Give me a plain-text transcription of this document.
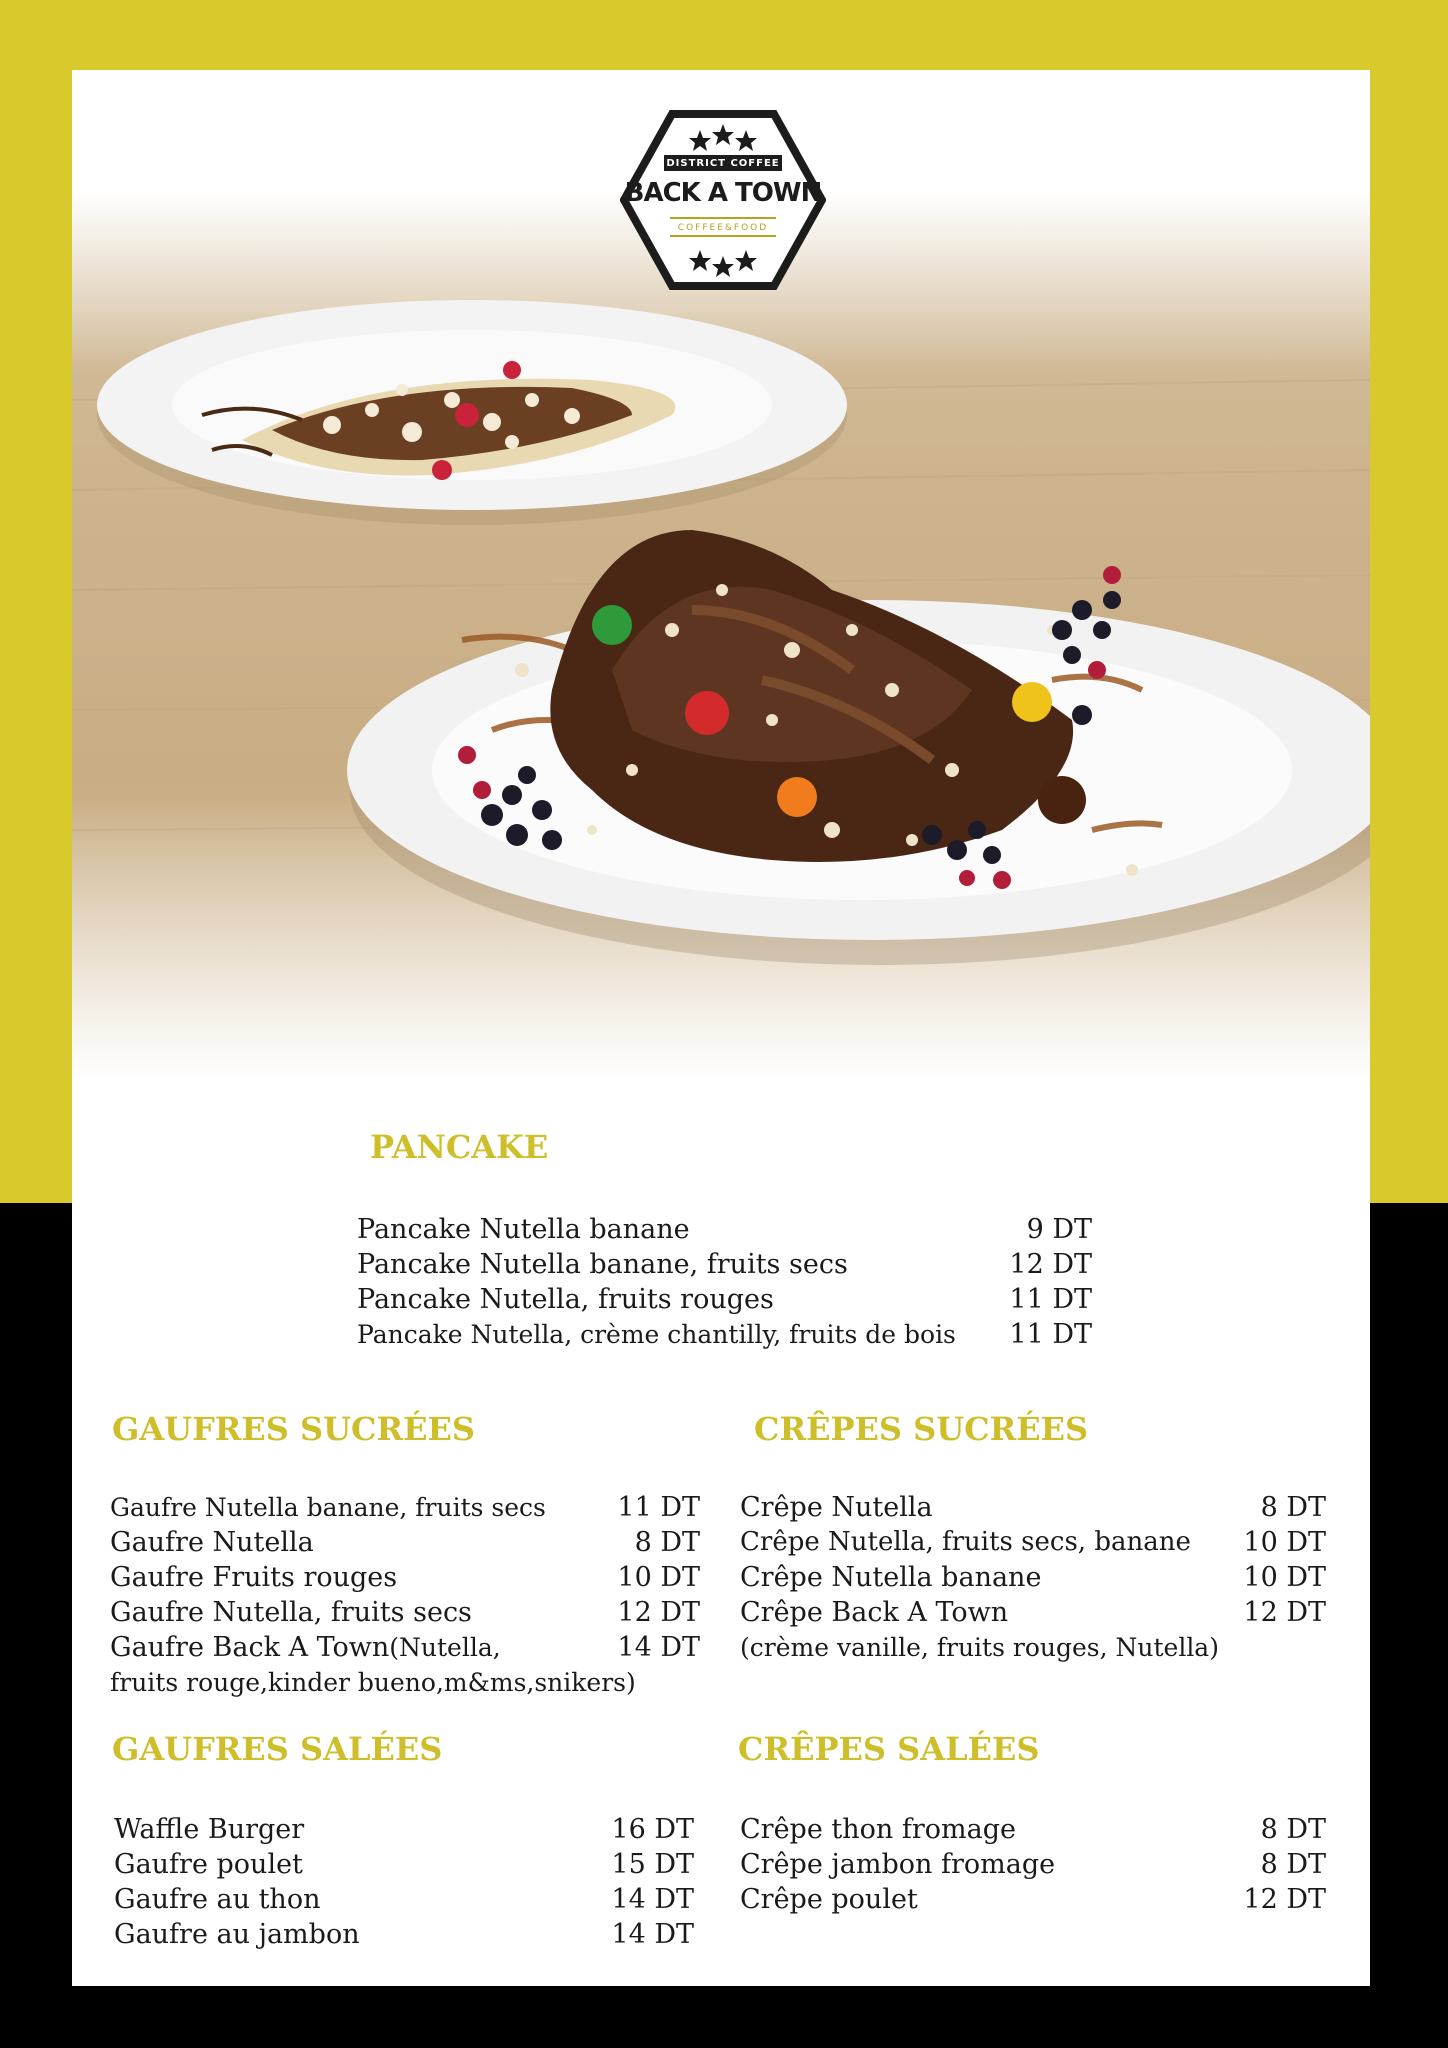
DISTRICT COFFEE
BACK A TOWN
COFFEE&FOOD
PANCAKE
Pancake Nutella banane	9 DT
Pancake Nutella banane, fruits secs	12 DT
Pancake Nutella, fruits rouges	11 DT
Pancake Nutella, crème chantilly, fruits de bois 11 DT
GAUFRES SUCRÉES
Gaufre Nutella banane, fruits secs	11 DT
Gaufre Nutella	8 DT
Gaufre Fruits rouges	10 DT
Gaufre Nutella, fruits secs	12 DT
Gaufre Back A Town(Nutella,	14 DT
fruits rouge,kinder bueno,m&ms,snikers)
CRÊPES SUCRÉES
Crêpe Nutella	8 DT
Crêpe Nutella, fruits secs, banane 10 DT
Crêpe Nutella banane	10 DT
Crêpe Back A Town	12 DT
(crème vanille, fruits rouges, Nutella)
GAUFRES SALÉES
Waffle Burger	16 DT
Gaufre poulet	15 DT
Gaufre au thon	14 DT
Gaufre au jambon	14 DT
CRÊPES SALÉES
Crêpe thon fromage	8 DT
Crêpe jambon fromage	8 DT
Crêpe poulet	12 DT
